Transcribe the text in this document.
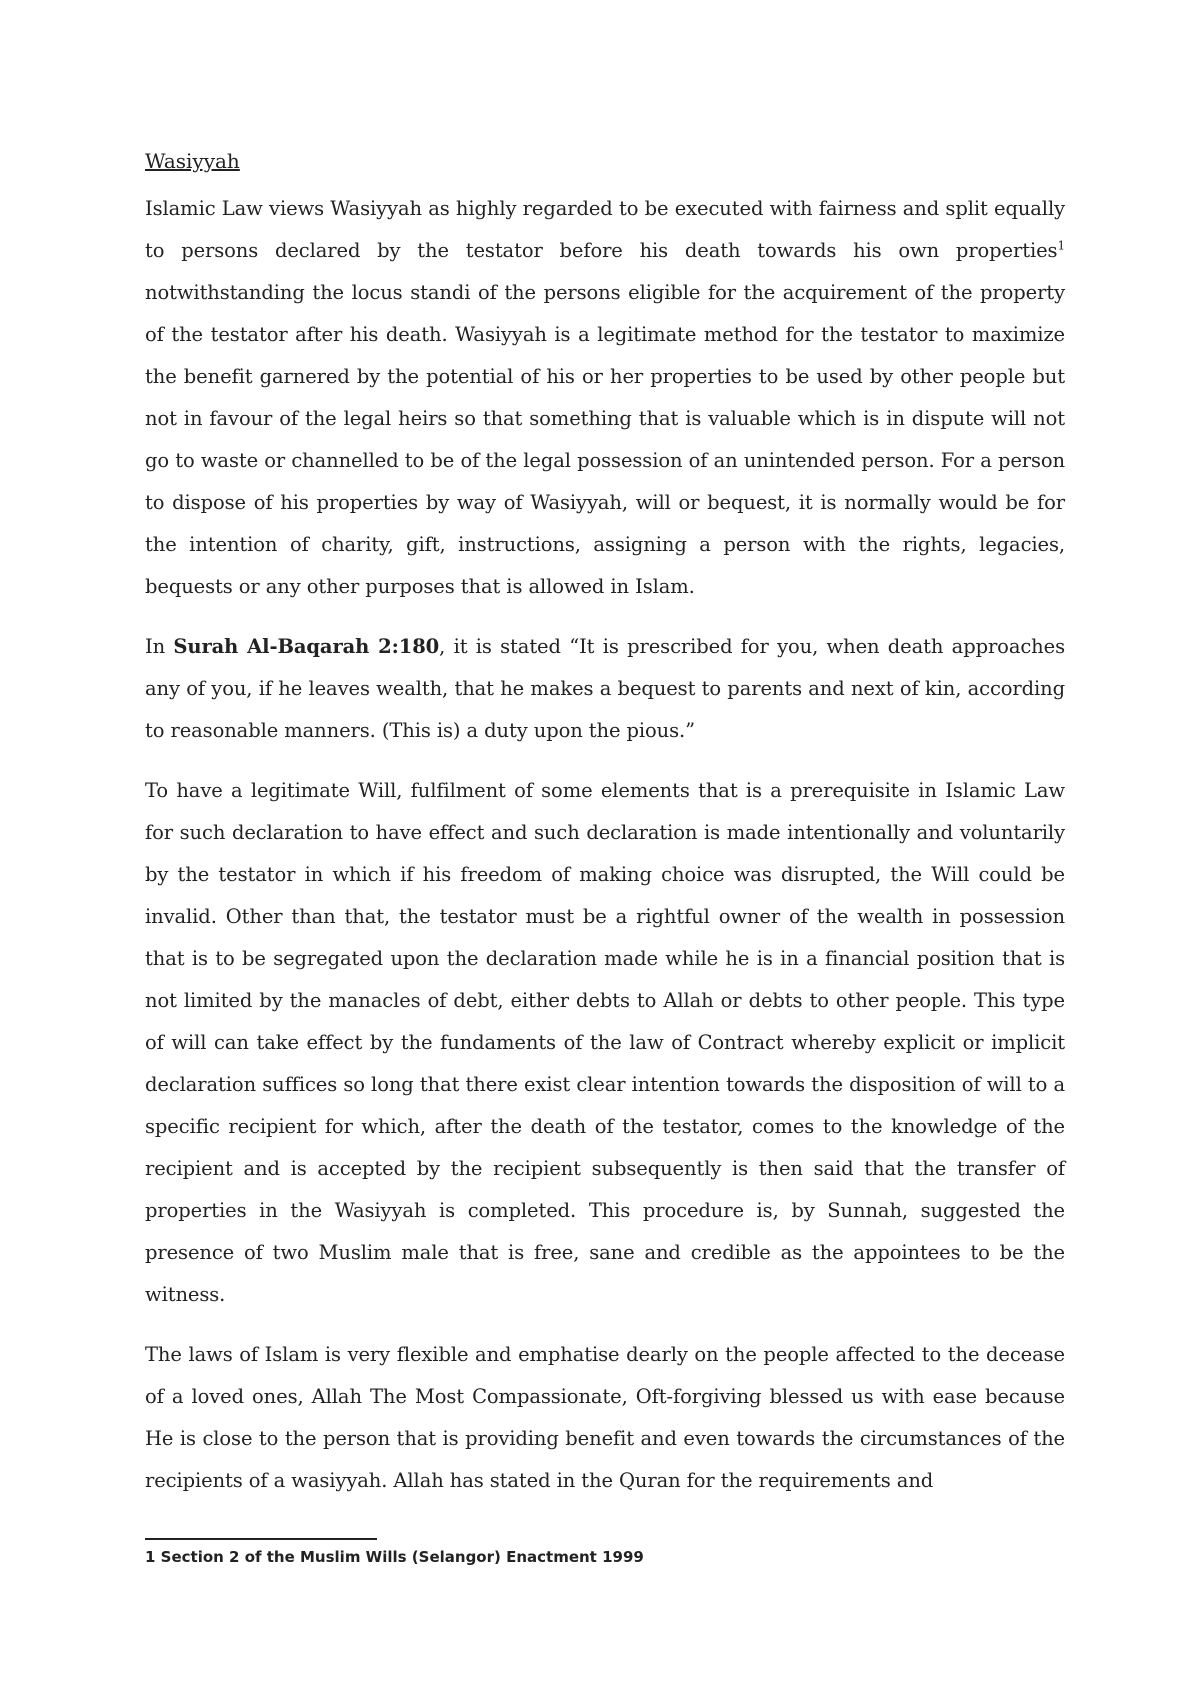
Wasiyyah

Islamic Law views Wasiyyah as highly regarded to be executed with fairness and split equally to persons declared by the testator before his death towards his own properties$^1$ notwithstanding the locus standi of the persons eligible for the acquirement of the property of the testator after his death. Wasiyyah is a legitimate method for the testator to maximize the benefit garnered by the potential of his or her properties to be used by other people but not in favour of the legal heirs so that something that is valuable which is in dispute will not go to waste or channelled to be of the legal possession of an unintended person. For a person to dispose of his properties by way of Wasiyyah, will or bequest, it is normally would be for the intention of charity, gift, instructions, assigning a person with the rights, legacies, bequests or any other purposes that is allowed in Islam.

In Surah Al-Baqarah 2:180, it is stated “It is prescribed for you, when death approaches any of you, if he leaves wealth, that he makes a bequest to parents and next of kin, according to reasonable manners. (This is) a duty upon the pious.”

To have a legitimate Will, fulfilment of some elements that is a prerequisite in Islamic Law for such declaration to have effect and such declaration is made intentionally and voluntarily by the testator in which if his freedom of making choice was disrupted, the Will could be invalid. Other than that, the testator must be a rightful owner of the wealth in possession that is to be segregated upon the declaration made while he is in a financial position that is not limited by the manacles of debt, either debts to Allah or debts to other people. This type of will can take effect by the fundaments of the law of Contract whereby explicit or implicit declaration suffices so long that there exist clear intention towards the disposition of will to a specific recipient for which, after the death of the testator, comes to the knowledge of the recipient and is accepted by the recipient subsequently is then said that the transfer of properties in the Wasiyyah is completed. This procedure is, by Sunnah, suggested the presence of two Muslim male that is free, sane and credible as the appointees to be the witness.

The laws of Islam is very flexible and emphatise dearly on the people affected to the decease of a loved ones, Allah The Most Compassionate, Oft-forgiving blessed us with ease because He is close to the person that is providing benefit and even towards the circumstances of the recipients of a wasiyyah. Allah has stated in the Quran for the requirements and

1 Section 2 of the Muslim Wills (Selangor) Enactment 1999
